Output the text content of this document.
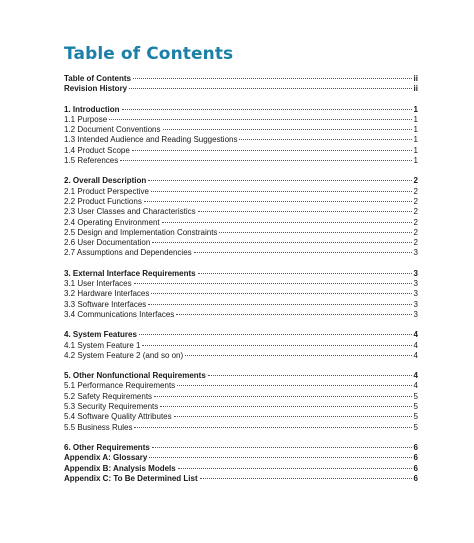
Table of Contents
Table of Contents	ii
Revision History	ii
1. Introduction	1
1.1 Purpose	1
1.2 Document Conventions	1
1.3 Intended Audience and Reading Suggestions	1
1.4 Product Scope	1
1.5 References	1
2. Overall Description	2
2.1 Product Perspective	2
2.2 Product Functions	2
2.3 User Classes and Characteristics	2
2.4 Operating Environment	2
2.5 Design and Implementation Constraints	2
2.6 User Documentation	2
2.7 Assumptions and Dependencies	3
3. External Interface Requirements	3
3.1 User Interfaces	3
3.2 Hardware Interfaces	3
3.3 Software Interfaces	3
3.4 Communications Interfaces	3
4. System Features	4
4.1 System Feature 1	4
4.2 System Feature 2 (and so on)	4
5. Other Nonfunctional Requirements	4
5.1 Performance Requirements	4
5.2 Safety Requirements	5
5.3 Security Requirements	5
5.4 Software Quality Attributes	5
5.5 Business Rules	5
6. Other Requirements	6
Appendix A: Glossary	6
Appendix B: Analysis Models	6
Appendix C: To Be Determined List	6
